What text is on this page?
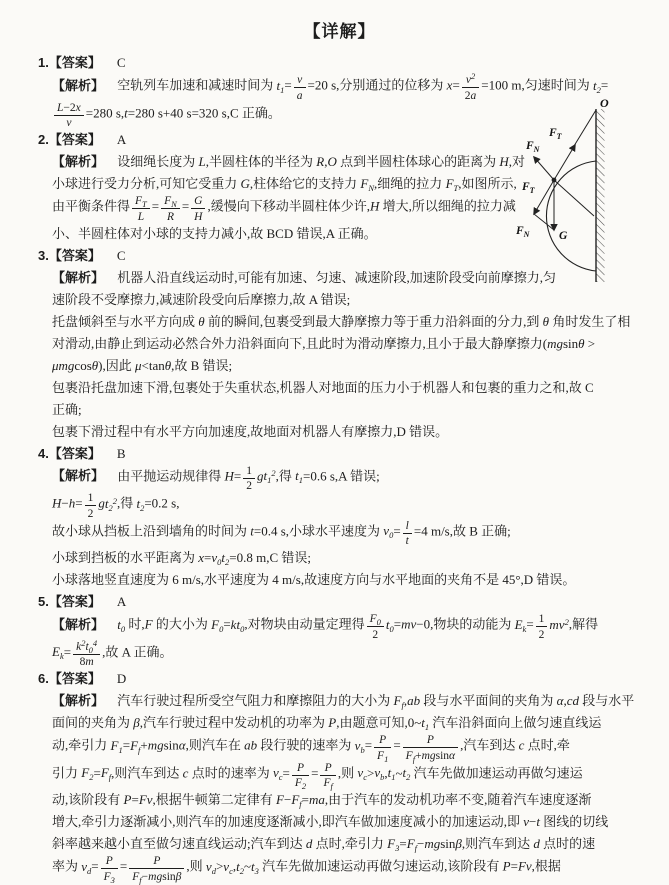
【详解】
1.【答案】 C
【解析】 空轨列车加速和减速时间为 $t_1= \frac{v}{a} =20$ s,分别通过的位移为 $x= \frac{v^2}{2a} =100$ m,匀速时间为 $t_2=$
$\frac{L-2x}{v} =280$ s,t=280 s+40 s=320 s,C 正确。
2.【答案】 A
【解析】 设细绳长度为 L,半圆柱体的半径为 R,O 点到半圆柱体球心的距离为 H,对
小球进行受力分析,可知它受重力 G,柱体给它的支持力 $F_N$,细绳的拉力 $F_T$,如图所示,
由平衡条件得 $\frac{F_T}{L} = \frac{F_N}{R} = \frac{G}{H}$ ,缓慢向下移动半圆柱体少许,H 增大,所以细绳的拉力减
小、半圆柱体对小球的支持力减小,故 BCD 错误,A 正确。
3.【答案】 C
【解析】 机器人沿直线运动时,可能有加速、匀速、减速阶段,加速阶段受向前摩擦力,匀
速阶段不受摩擦力,减速阶段受向后摩擦力,故 A 错误;
托盘倾斜至与水平方向成 θ 前的瞬间,包裹受到最大静摩擦力等于重力沿斜面的分力,到 θ 角时发生了相
对滑动,由静止到运动必然合外力沿斜面向下,且此时为滑动摩擦力,且小于最大静摩擦力(mgsinθ >
μmgcosθ),因此 μ<tanθ,故 B 错误;
包裹沿托盘加速下滑,包裹处于失重状态,机器人对地面的压力小于机器人和包裹的重力之和,故 C
正确;
包裹下滑过程中有水平方向加速度,故地面对机器人有摩擦力,D 错误。
4.【答案】 B
【解析】 由平抛运动规律得 $H= \frac{1}{2} gt_1^2$,得 $t_1=0.6$ s,A 错误;
$H-h= \frac{1}{2} gt_2^2$,得 $t_2=0.2$ s,
故小球从挡板上沿到墙角的时间为 t=0.4 s,小球水平速度为 $v_0= \frac{l}{t} =4$ m/s,故 B 正确;
小球到挡板的水平距离为 $x=v_0t_2=0.8$ m,C 错误;
小球落地竖直速度为 6 m/s,水平速度为 4 m/s,故速度方向与水平地面的夹角不是 45°,D 错误。
5.【答案】 A
【解析】 $t_0$ 时,F 的大小为 $F_0=kt_0$,对物块由动量定理得 $\frac{F_0}{2} t_0=mv-0$,物块的动能为 $E_k= \frac{1}{2} mv^2$,解得
$E_k= \frac{k^2t_0^4}{8m}$ ,故 A 正确。
6.【答案】 D
【解析】 汽车行驶过程所受空气阻力和摩擦阻力的大小为 $F_f,ab$ 段与水平面间的夹角为 α,cd 段与水平
面间的夹角为 β,汽车行驶过程中发动机的功率为 P,由题意可知$,0\sim t_1$ 汽车沿斜面向上做匀速直线运
动,牵引力 $F_1=F_f+mgsin\alpha$,则汽车在 ab 段行驶的速率为 $v_b= \frac{P}{F_1} = \frac{P}{F_f+mgsin\alpha}$ ,汽车到达 c 点时,牵
引力 $F_2=F_f$,则汽车到达 c 点时的速率为 $v_c= \frac{P}{F_2} = \frac{P}{F_f}$ ,则 $v_c>v_b,t_1\sim t_2$ 汽车先做加速运动再做匀速运
动,该阶段有 P=Fv,根据牛顿第二定律有 $F-F_f=ma$,由于汽车的发动机功率不变,随着汽车速度逐渐
增大,牵引力逐渐减小,则汽车的加速度逐渐减小,即汽车做加速度减小的加速运动,即 v−t 图线的切线
斜率越来越小直至做匀速直线运动;汽车到达 d 点时,牵引力 $F_3=F_f-mgsin\beta$,则汽车到达 d 点时的速
率为 $v_d= \frac{P}{F_3} = \frac{P}{F_f-mgsin\beta}$ ,则 $v_d>v_c,t_2\sim t_3$ 汽车先做加速运动再做匀速运动,该阶段有 P=Fv,根据
O
$F_T$
$F_N$
$F_T$
$F_N$	G
